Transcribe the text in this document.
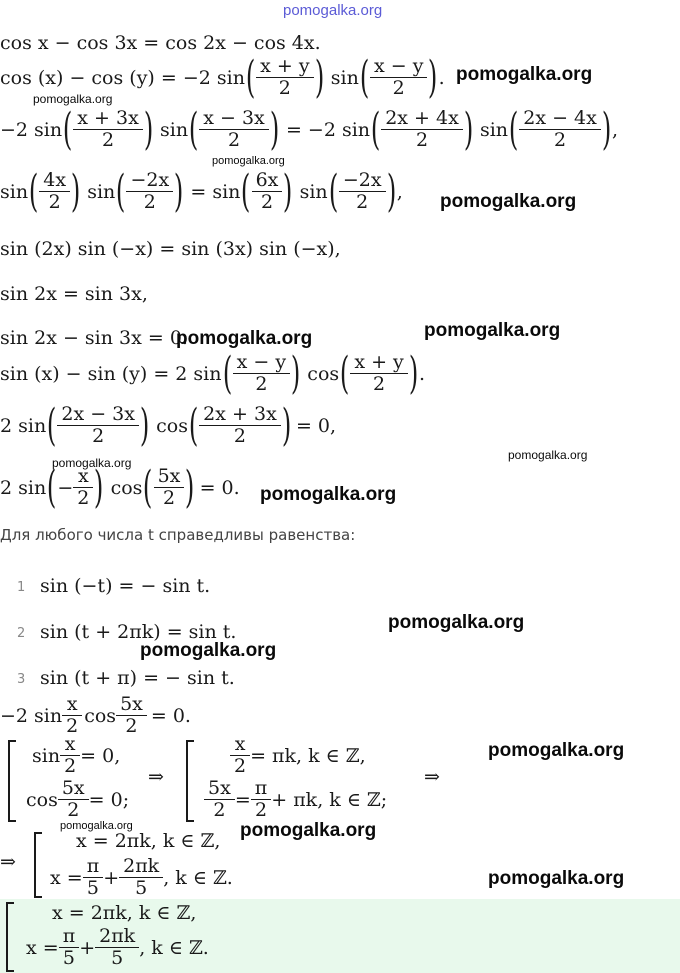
pomogalka.org
cos x − cos 3x = cos 2x − cos 4x.
cos (x) − cos (y) = −2 sin ( $\frac{x + y}{2}$ ) sin ( $\frac{x - y}{2}$ ) . pomogalka.org
pomogalka.org
−2 sin ( $\frac{x + 3x}{2}$ ) sin ( $\frac{x - 3x}{2}$ ) = −2 sin ( $\frac{2x + 4x}{2}$ ) sin ( $\frac{2x - 4x}{2}$ ) ,
pomogalka.org
sin ( $\frac{4x}{2}$ ) sin ( $\frac{-2x}{2}$ ) = sin ( $\frac{6x}{2}$ ) sin ( $\frac{-2x}{2}$ ) , pomogalka.org
sin (2x) sin (−x) = sin (3x) sin (−x),
sin 2x = sin 3x,
sin 2x − sin 3x = 0.
pomogalka.org	pomogalka.org
sin (x) − sin (y) = 2 sin ( $\frac{x - y}{2}$ ) cos ( $\frac{x + y}{2}$ ) .
2 sin ( $\frac{2x - 3x}{2}$ ) cos ( $\frac{2x + 3x}{2}$ ) = 0,
pomogalka.org
pomogalka.org
2 sin ( − $\frac{x}{2}$ ) cos ( $\frac{5x}{2}$ ) = 0. pomogalka.org
Для любого числа t справедливы равенства:
1 sin (−t) = − sin t.
2 sin (t + 2πk) = sin t.	pomogalka.org
pomogalka.org
3 sin (t + π) = − sin t.
−2 $\sin \frac{x}{2}$ $\cos \frac{5x}{2} = 0$.
$\sin \frac{x}{2} = 0$,
$\cos \frac{5x}{2} = 0$;
⇒	$\frac{x}{2} = \pi k$, k ∈ ℤ,
$\frac{5x}{2} = \frac{\pi}{2} + \pi k$, k ∈ ℤ;
⇒
pomogalka.org
⇒
pomogalka.org
x = 2πk, k ∈ ℤ, pomogalka.org
$x = \frac{\pi}{5} + \frac{2\pi k}{5}$ , k ∈ ℤ.	pomogalka.org
x = 2πk, k ∈ ℤ,
$x = \frac{\pi}{5} + \frac{2\pi k}{5}$ , k ∈ ℤ.
